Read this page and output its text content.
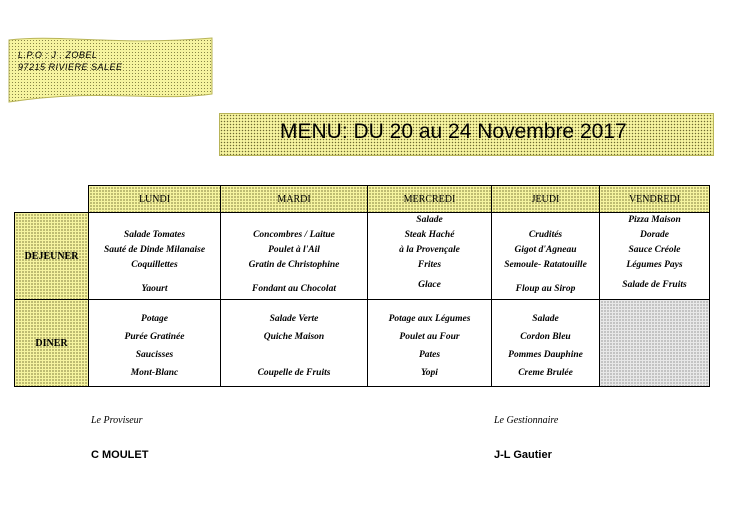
L.P.O : J . ZOBEL
97215 RIVIERE SALEE
MENU: DU 20 au 24 Novembre 2017
	LUNDI	MARDI	MERCREDI	JEUDI	VENDREDI
DEJEUNER	Salade Tomates
Sauté de Dinde Milanaise
Coquillettes
Yaourt	Concombres / Laitue
Poulet à l'Ail
Gratin de Christophine
Fondant au Chocolat	Salade
Steak Haché
à la Provençale
Frites
Glace	Crudités
Gigot d'Agneau
Semoule- Ratatouille
Floup au Sirop	Pizza Maison
Dorade
Sauce Créole
Légumes Pays
Salade de Fruits

DINER	Potage
Purée Gratinée
Saucisses
Mont-Blanc	Salade Verte
Quiche Maison
Coupelle de Fruits	Potage aux Légumes
Poulet au Four
Pates
Yopi	Salade
Cordon Bleu
Pommes Dauphine
Creme Brulée	

Le Proviseur
C MOULET
Le Gestionnaire
J-L Gautier
